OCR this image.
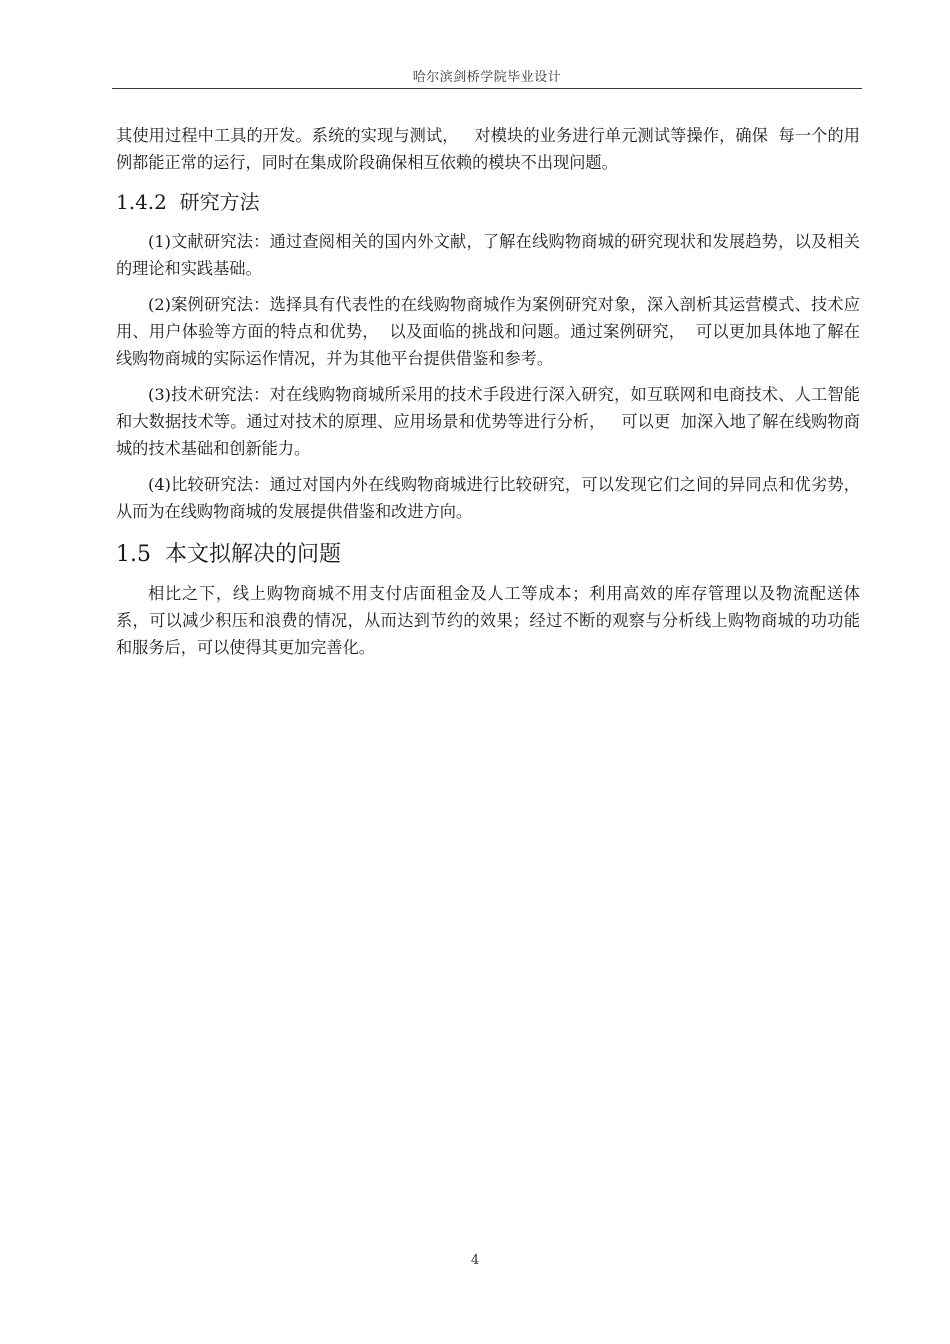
哈尔滨剑桥学院毕业设计

其使用过程中工具的开发。系统的实现与测试，   对模块的业务进行单元测试等操作，确保  每一个的用例都能正常的运行，同时在集成阶段确保相互依赖的模块不出现问题。

1.4.2  研究方法

(1)文献研究法：通过查阅相关的国内外文献，了解在线购物商城的研究现状和发展趋势，以及相关的理论和实践基础。

(2)案例研究法：选择具有代表性的在线购物商城作为案例研究对象，深入剖析其运营模式、技术应用、用户体验等方面的特点和优势，  以及面临的挑战和问题。通过案例研究，  可以更加具体地了解在线购物商城的实际运作情况，并为其他平台提供借鉴和参考。

(3)技术研究法：对在线购物商城所采用的技术手段进行深入研究，如互联网和电商技术、人工智能和大数据技术等。通过对技术的原理、应用场景和优势等进行分析，   可以更  加深入地了解在线购物商城的技术基础和创新能力。

(4)比较研究法：通过对国内外在线购物商城进行比较研究，可以发现它们之间的异同点和优劣势，从而为在线购物商城的发展提供借鉴和改进方向。

1.5  本文拟解决的问题

相比之下，线上购物商城不用支付店面租金及人工等成本；利用高效的库存管理以及物流配送体系，可以减少积压和浪费的情况，从而达到节约的效果；经过不断的观察与分析线上购物商城的功功能和服务后，可以使得其更加完善化。

4
